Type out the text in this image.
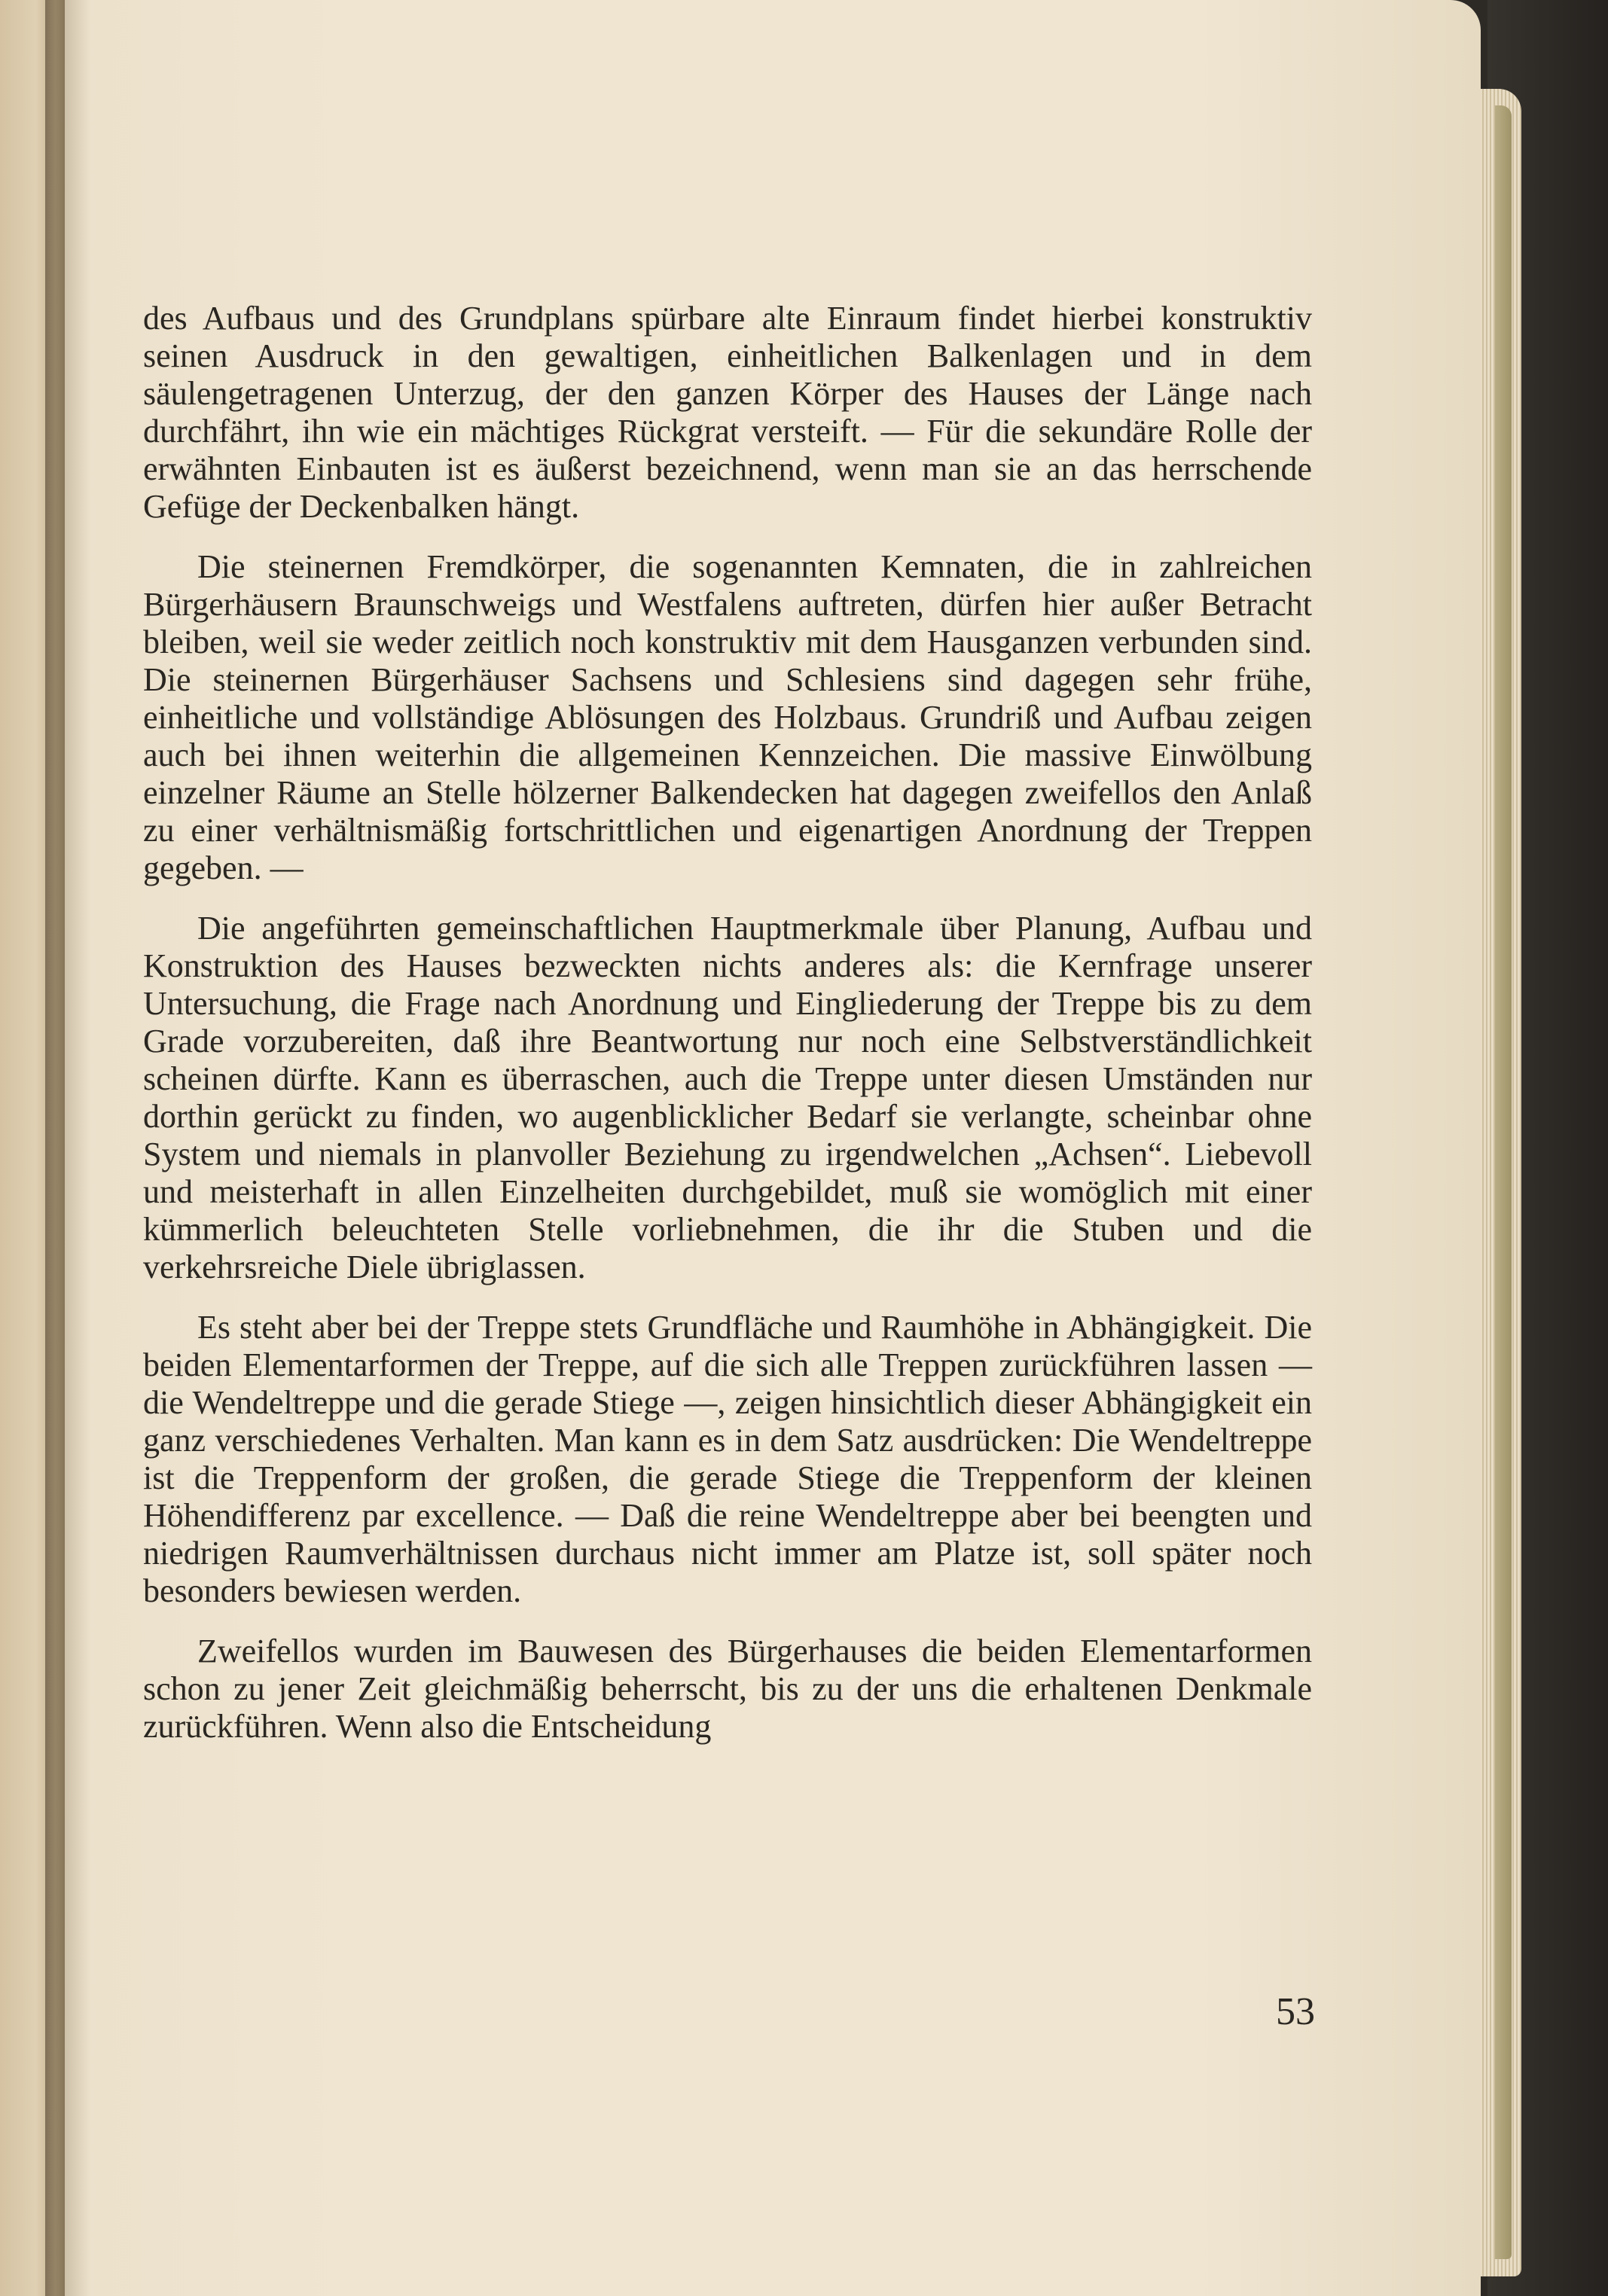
des Aufbaus und des Grundplans spürbare alte Einraum findet hierbei konstruktiv seinen Ausdruck in den gewaltigen, einheitlichen Balkenlagen und in dem säulengetragenen Unterzug, der den ganzen Körper des Hauses der Länge nach durchfährt, ihn wie ein mächtiges Rückgrat versteift. — Für die sekundäre Rolle der erwähnten Einbauten ist es äußerst bezeichnend, wenn man sie an das herrschende Gefüge der Deckenbalken hängt.

Die steinernen Fremdkörper, die sogenannten Kemnaten, die in zahlreichen Bürgerhäusern Braunschweigs und Westfalens auftreten, dürfen hier außer Betracht bleiben, weil sie weder zeitlich noch konstruktiv mit dem Hausganzen verbunden sind. Die steinernen Bürgerhäuser Sachsens und Schlesiens sind dagegen sehr frühe, einheitliche und vollständige Ablösungen des Holzbaus. Grundriß und Aufbau zeigen auch bei ihnen weiterhin die allgemeinen Kennzeichen. Die massive Einwölbung einzelner Räume an Stelle hölzerner Balkendecken hat dagegen zweifellos den Anlaß zu einer verhältnismäßig fortschrittlichen und eigenartigen Anordnung der Treppen gegeben. —

Die angeführten gemeinschaftlichen Hauptmerkmale über Planung, Aufbau und Konstruktion des Hauses bezweckten nichts anderes als: die Kernfrage unserer Untersuchung, die Frage nach Anordnung und Eingliederung der Treppe bis zu dem Grade vorzubereiten, daß ihre Beantwortung nur noch eine Selbstverständlichkeit scheinen dürfte. Kann es überraschen, auch die Treppe unter diesen Umständen nur dorthin gerückt zu finden, wo augenblicklicher Bedarf sie verlangte, scheinbar ohne System und niemals in planvoller Beziehung zu irgendwelchen „Achsen“. Liebevoll und meisterhaft in allen Einzelheiten durchgebildet, muß sie womöglich mit einer kümmerlich beleuchteten Stelle vorliebnehmen, die ihr die Stuben und die verkehrsreiche Diele übriglassen.

Es steht aber bei der Treppe stets Grundfläche und Raumhöhe in Abhängigkeit. Die beiden Elementarformen der Treppe, auf die sich alle Treppen zurückführen lassen — die Wendeltreppe und die gerade Stiege —, zeigen hinsichtlich dieser Abhängigkeit ein ganz verschiedenes Verhalten. Man kann es in dem Satz ausdrücken: Die Wendeltreppe ist die Treppenform der großen, die gerade Stiege die Treppenform der kleinen Höhendifferenz par excellence. — Daß die reine Wendeltreppe aber bei beengten und niedrigen Raumverhältnissen durchaus nicht immer am Platze ist, soll später noch besonders bewiesen werden.

Zweifellos wurden im Bauwesen des Bürgerhauses die beiden Elementarformen schon zu jener Zeit gleichmäßig beherrscht, bis zu der uns die erhaltenen Denkmale zurückführen. Wenn also die Entscheidung

53
